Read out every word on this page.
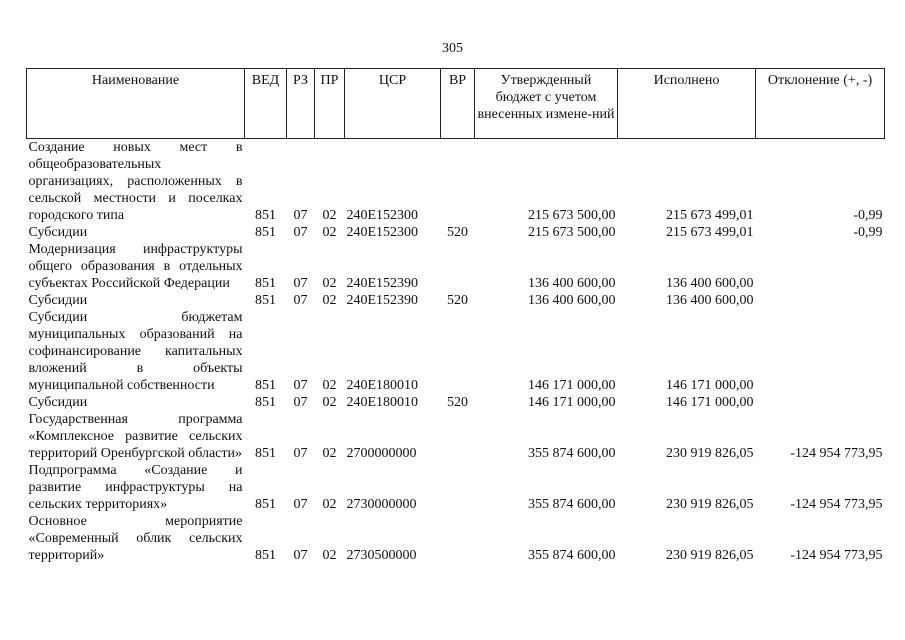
305
Наименование	ВЕД	РЗ	ПР	ЦСР	ВР	Утвержденный бюджет с учетом внесенных измене-ний	Исполнено	Отклонение (+, -)
Создание новых мест в общеобразовательных организациях, расположенных в сельской местности и поселках городского типа	851	07	02	240E152300		215 673 500,00	215 673 499,01	-0,99
Субсидии	851	07	02	240E152300	520	215 673 500,00	215 673 499,01	-0,99
Модернизация инфраструктуры общего образования в отдельных субъектах Российской Федерации	851	07	02	240E152390		136 400 600,00	136 400 600,00	
Субсидии	851	07	02	240E152390	520	136 400 600,00	136 400 600,00	
Субсидии бюджетам муниципальных образований на софинансирование капитальных вложений в объекты муниципальной собственности	851	07	02	240E180010		146 171 000,00	146 171 000,00	
Субсидии	851	07	02	240E180010	520	146 171 000,00	146 171 000,00	
Государственная программа «Комплексное развитие сельских территорий Оренбургской области»	851	07	02	2700000000		355 874 600,00	230 919 826,05	-124 954 773,95
Подпрограмма «Создание и развитие инфраструктуры на сельских территориях»	851	07	02	2730000000		355 874 600,00	230 919 826,05	-124 954 773,95
Основное мероприятие «Современный облик сельских территорий»	851	07	02	2730500000		355 874 600,00	230 919 826,05	-124 954 773,95
